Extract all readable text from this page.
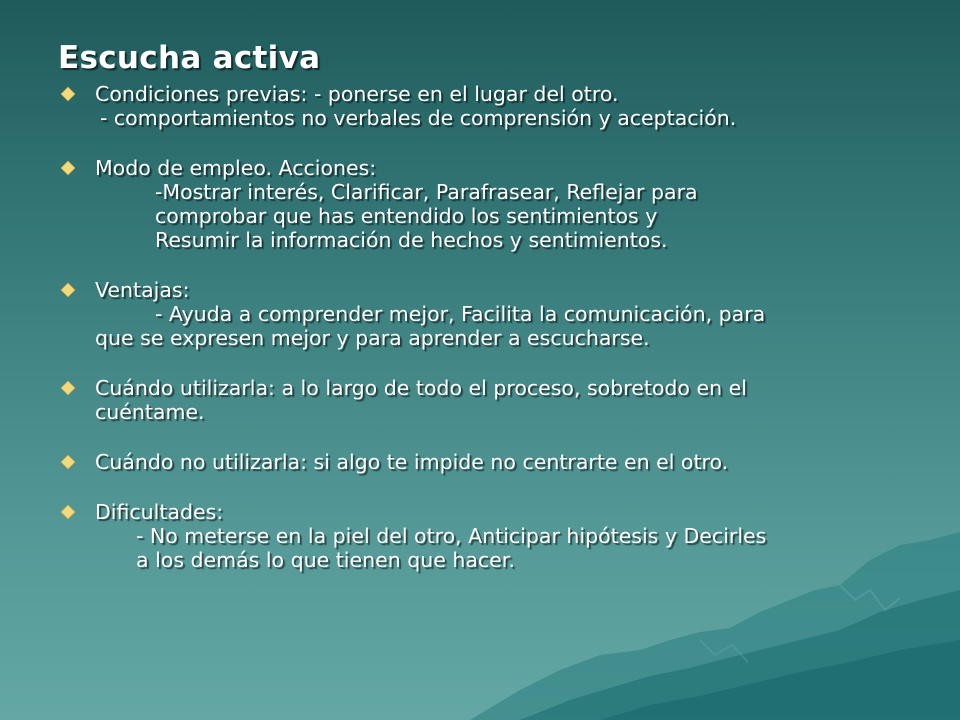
Escucha activa
Condiciones previas: - ponerse en el lugar del otro.
- comportamientos no verbales de comprensión y aceptación.
Modo de empleo. Acciones:
-Mostrar interés, Clarificar, Parafrasear, Reflejar para
comprobar que has entendido los sentimientos y
Resumir la información de hechos y sentimientos.
Ventajas:
- Ayuda a comprender mejor, Facilita la comunicación, para
que se expresen mejor y para aprender a escucharse.
Cuándo utilizarla: a lo largo de todo el proceso, sobretodo en el
cuéntame.
Cuándo no utilizarla: si algo te impide no centrarte en el otro.
Dificultades:
- No meterse en la piel del otro, Anticipar hipótesis y Decirles
a los demás lo que tienen que hacer.
